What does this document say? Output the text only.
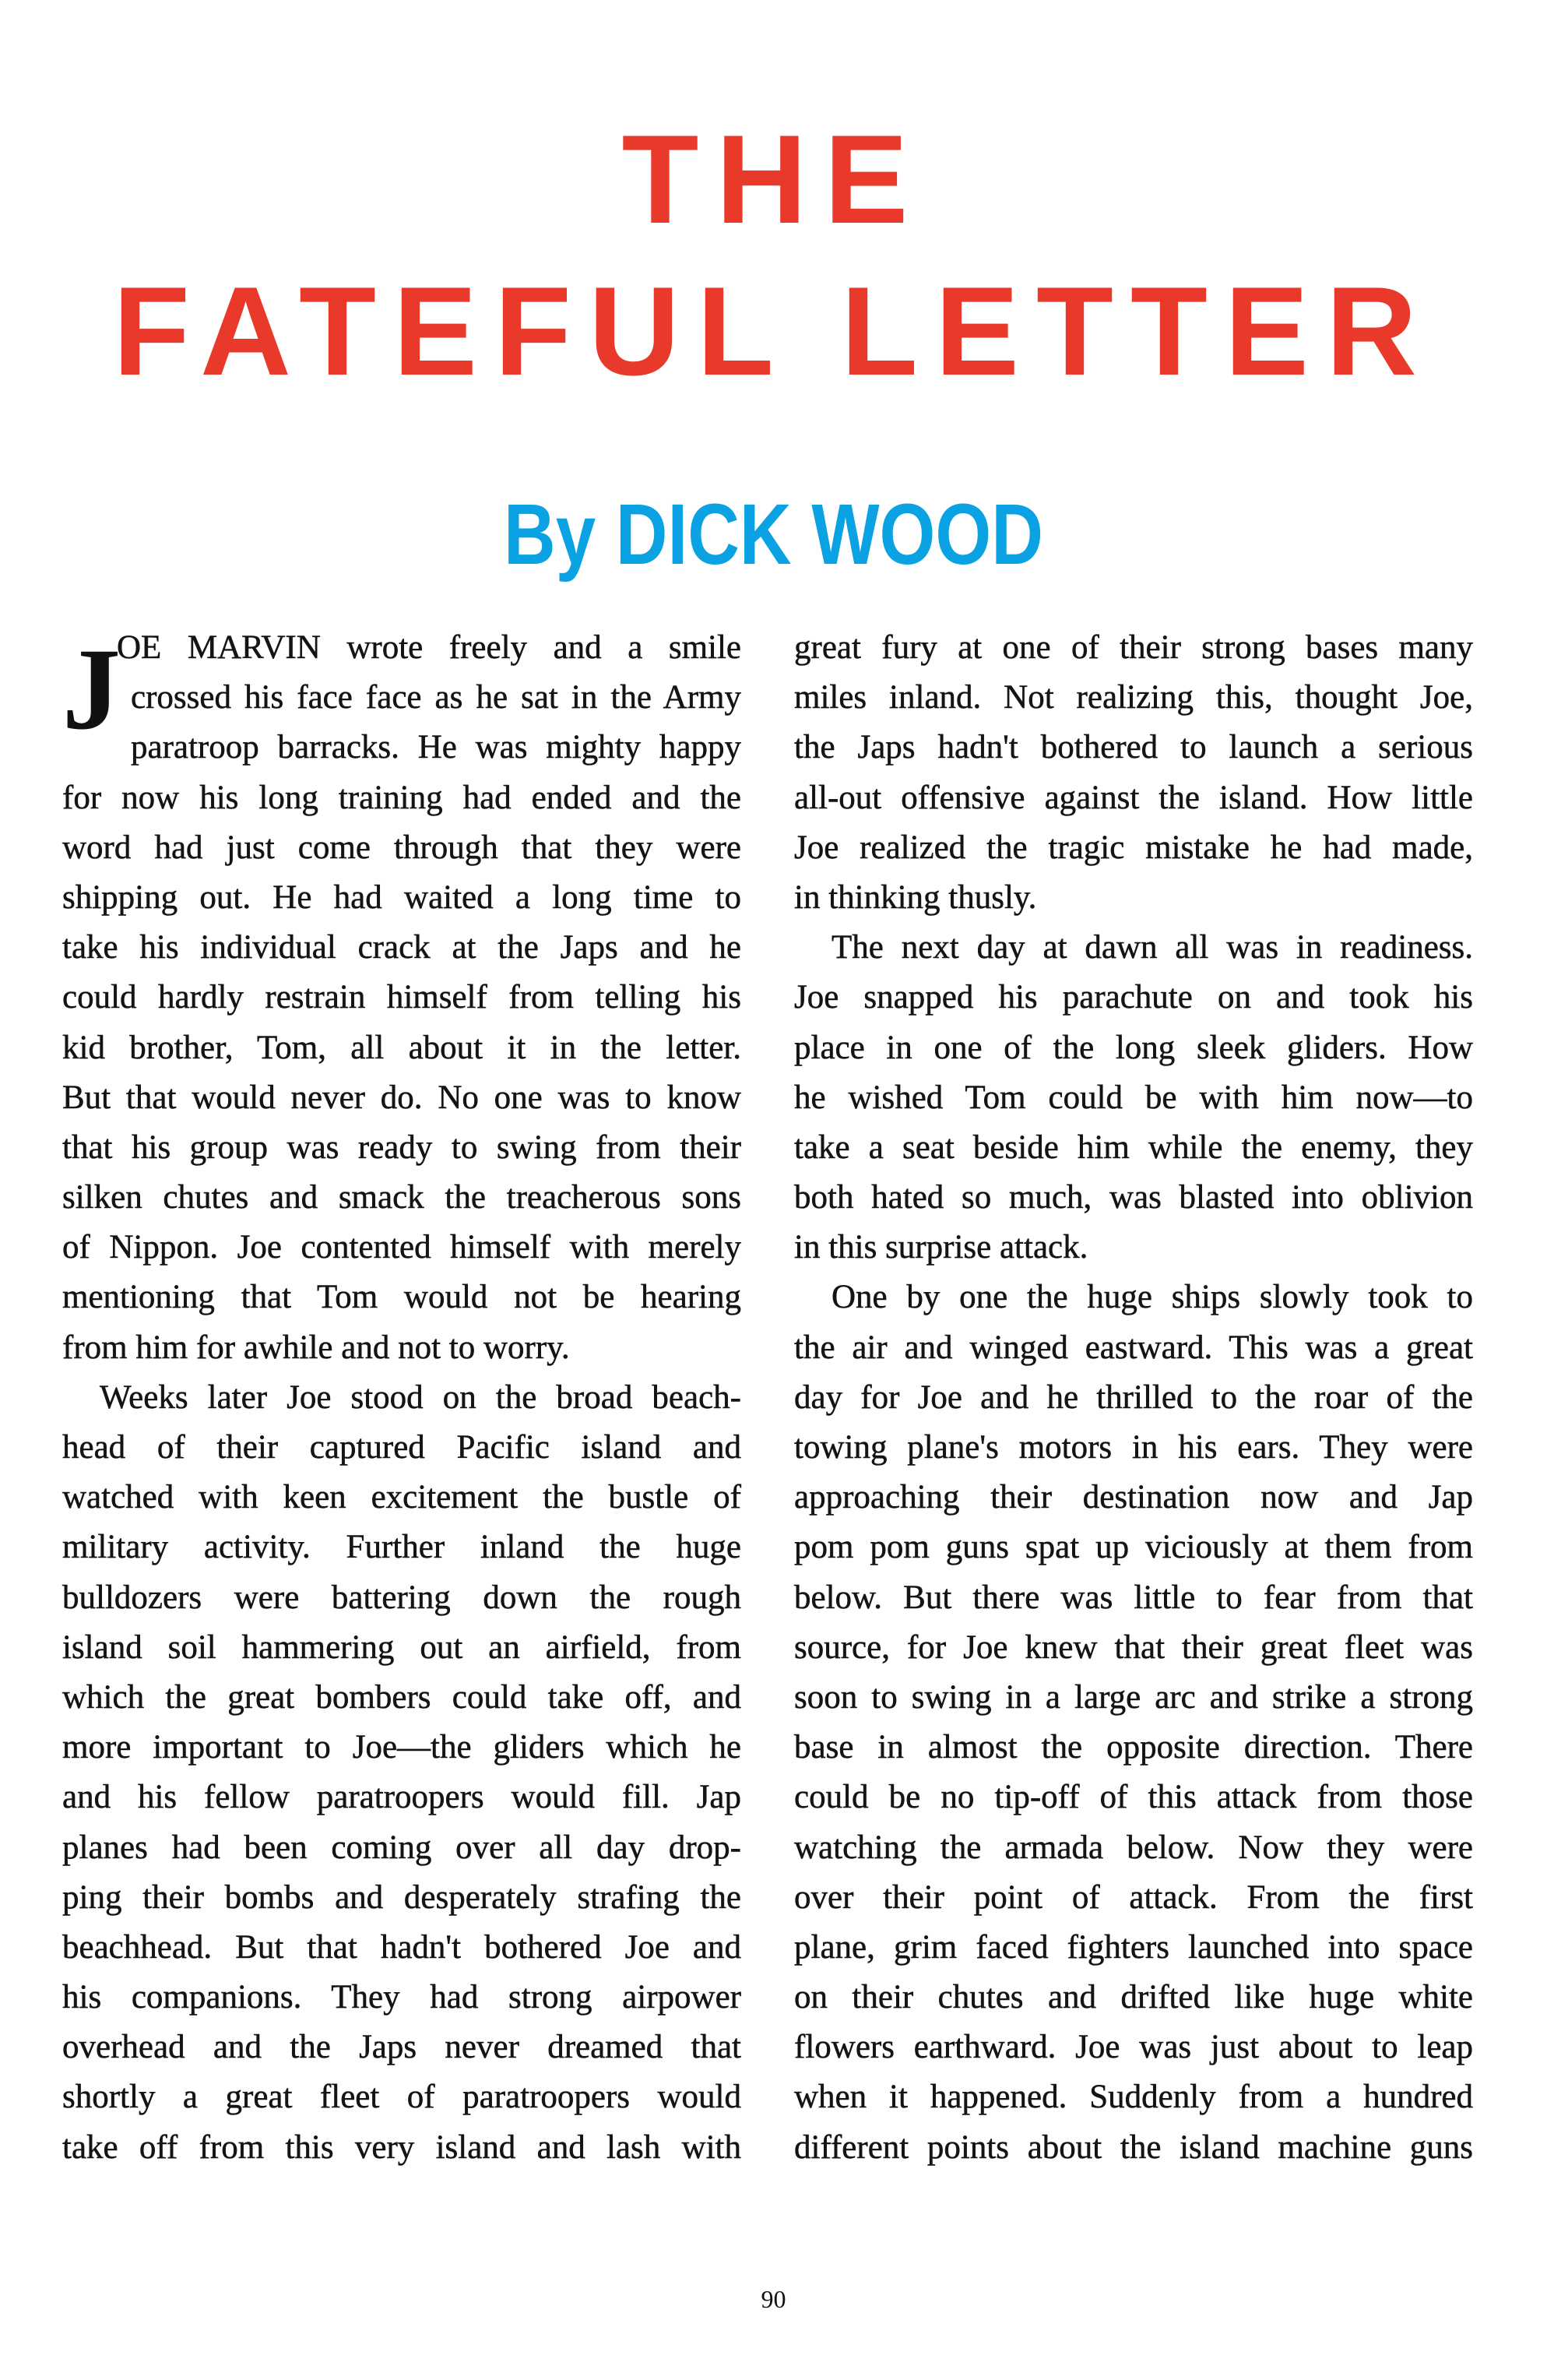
THE
FATEFUL LETTER
By DICK WOOD
J
OE MARVIN wrote freely and a smile
crossed his face face as he sat in the Army
paratroop barracks. He was mighty happy
for now his long training had ended and the
word had just come through that they were
shipping out. He had waited a long time to
take his individual crack at the Japs and he
could hardly restrain himself from telling his
kid brother, Tom, all about it in the letter.
But that would never do. No one was to know
that his group was ready to swing from their
silken chutes and smack the treacherous sons
of Nippon. Joe contented himself with merely
mentioning that Tom would not be hearing
from him for awhile and not to worry.
Weeks later Joe stood on the broad beach-
head of their captured Pacific island and
watched with keen excitement the bustle of
military activity. Further inland the huge
bulldozers were battering down the rough
island soil hammering out an airfield, from
which the great bombers could take off, and
more important to Joe—the gliders which he
and his fellow paratroopers would fill. Jap
planes had been coming over all day drop-
ping their bombs and desperately strafing the
beachhead. But that hadn't bothered Joe and
his companions. They had strong airpower
overhead and the Japs never dreamed that
shortly a great fleet of paratroopers would
take off from this very island and lash with
great fury at one of their strong bases many
miles inland. Not realizing this, thought Joe,
the Japs hadn't bothered to launch a serious
all-out offensive against the island. How little
Joe realized the tragic mistake he had made,
in thinking thusly.
The next day at dawn all was in readiness.
Joe snapped his parachute on and took his
place in one of the long sleek gliders. How
he wished Tom could be with him now—to
take a seat beside him while the enemy, they
both hated so much, was blasted into oblivion
in this surprise attack.
One by one the huge ships slowly took to
the air and winged eastward. This was a great
day for Joe and he thrilled to the roar of the
towing plane's motors in his ears. They were
approaching their destination now and Jap
pom pom guns spat up viciously at them from
below. But there was little to fear from that
source, for Joe knew that their great fleet was
soon to swing in a large arc and strike a strong
base in almost the opposite direction. There
could be no tip-off of this attack from those
watching the armada below. Now they were
over their point of attack. From the first
plane, grim faced fighters launched into space
on their chutes and drifted like huge white
flowers earthward. Joe was just about to leap
when it happened. Suddenly from a hundred
different points about the island machine guns
90
